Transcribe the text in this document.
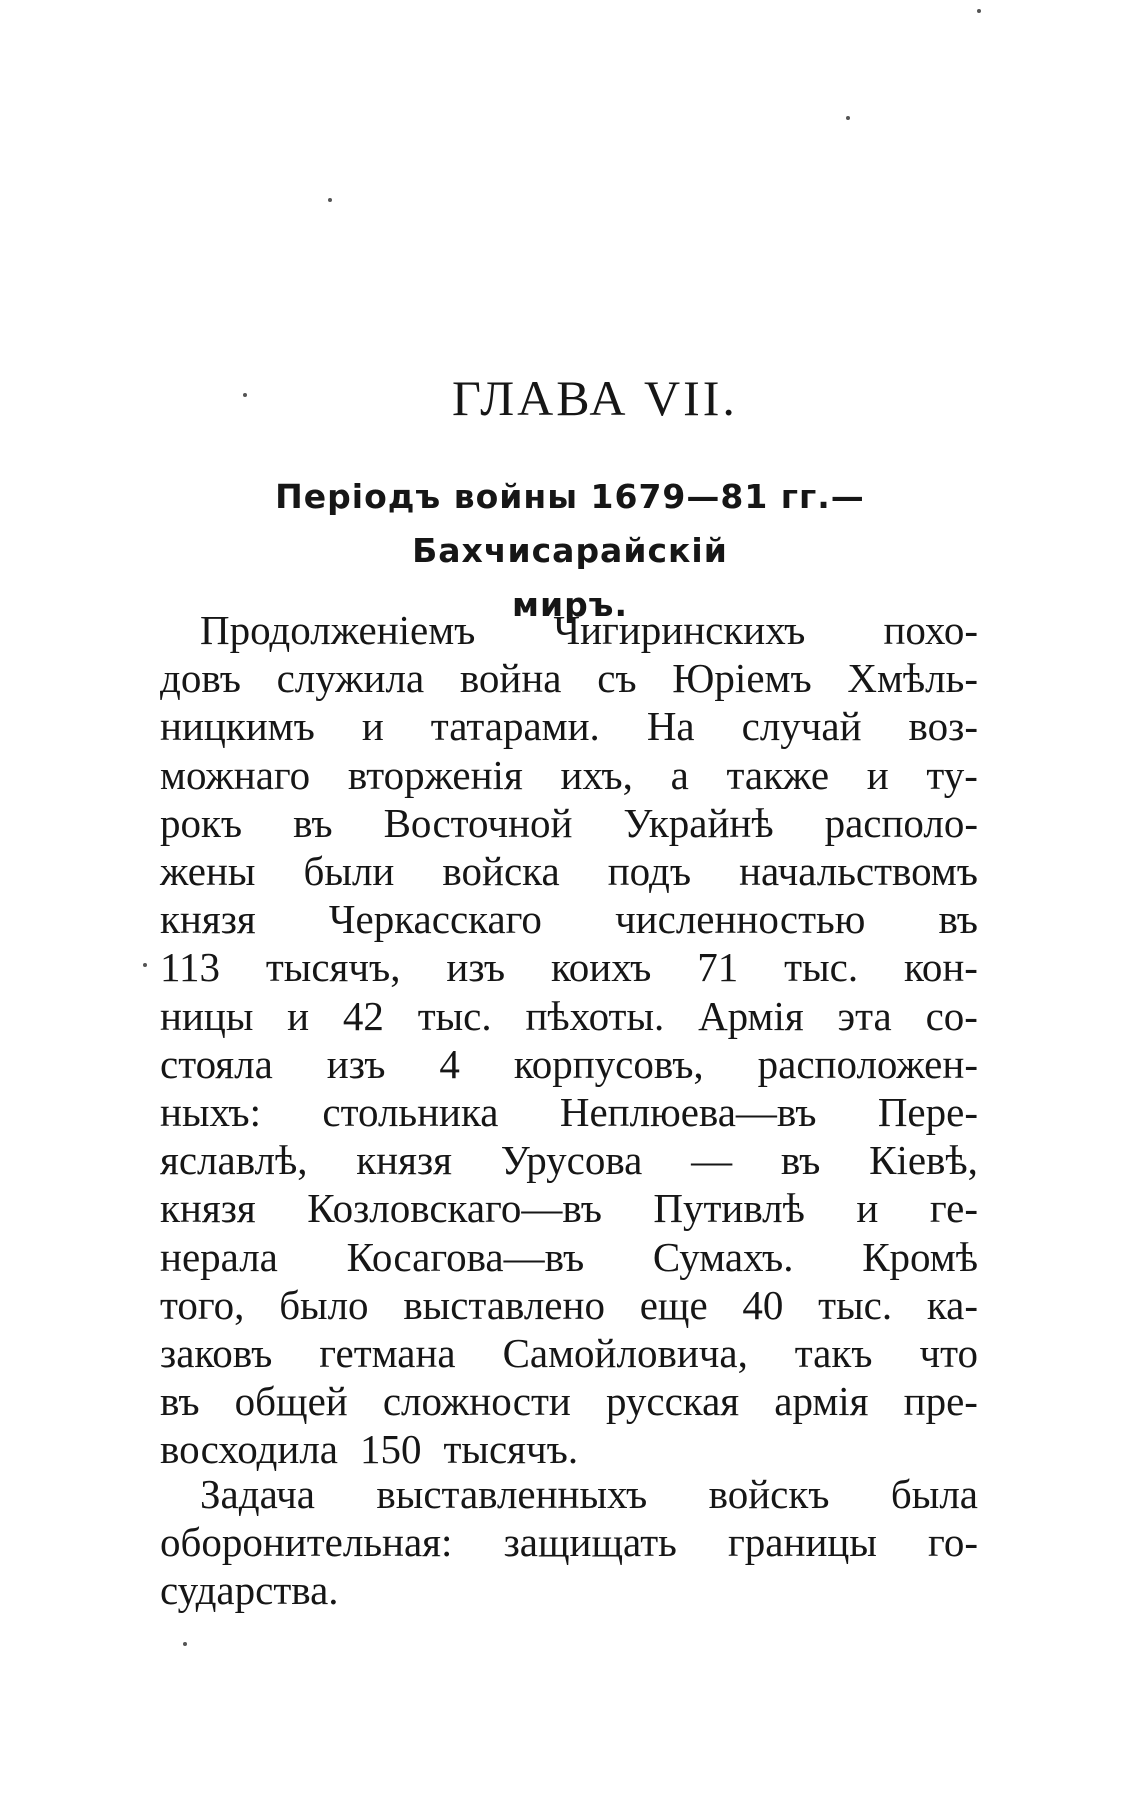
ГЛАВА VII.
Періодъ войны 1679—81 гг.—Бахчисарайскій
миръ.
Продолженіемъ Чигиринскихъ похо-
довъ служила война съ Юріемъ Хмѣль-
ницкимъ и татарами. На случай воз-
можнаго вторженія ихъ, а также и ту-
рокъ въ Восточной Украйнѣ располо-
жены были войска подъ начальствомъ
князя Черкасскаго численностью въ
113 тысячъ, изъ коихъ 71 тыс. кон-
ницы и 42 тыс. пѣхоты. Армія эта со-
стояла изъ 4 корпусовъ, расположен-
ныхъ: стольника Неплюева—въ Пере-
яславлѣ, князя Урусова — въ Кіевѣ,
князя Козловскаго—въ Путивлѣ и ге-
нерала Косагова—въ Сумахъ. Кромѣ
того, было выставлено еще 40 тыс. ка-
заковъ гетмана Самойловича, такъ что
въ общей сложности русская армія пре-
восходила 150 тысячъ.
Задача выставленныхъ войскъ была
оборонительная: защищать границы го-
сударства.
